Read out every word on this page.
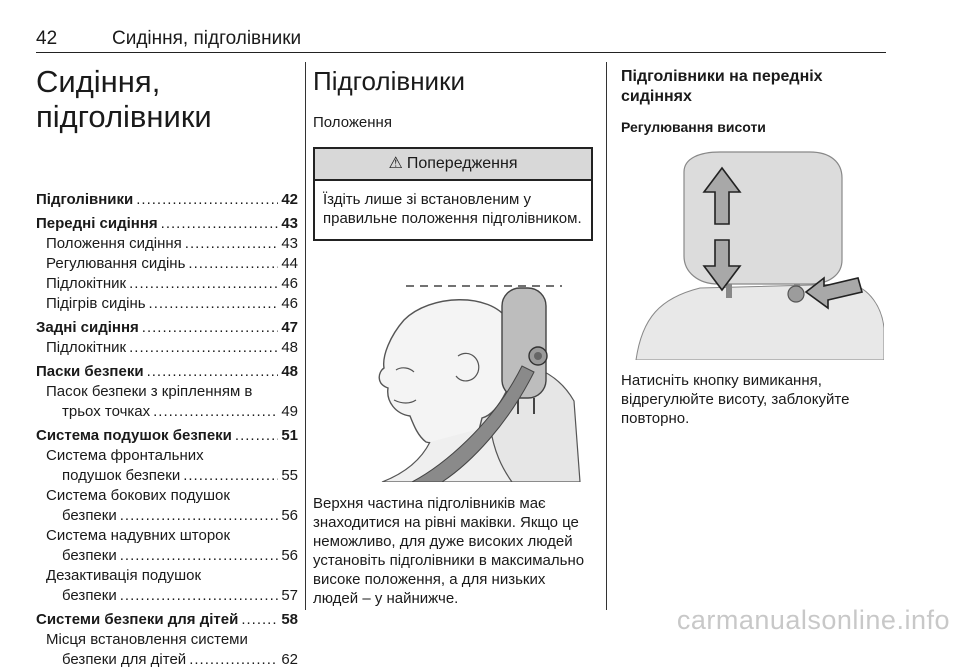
42	Сидіння, підголівники
Сидіння,
підголівники
Підголівники .....	42
Передні сидіння .....	43
Положення сидіння .....	43
Регулювання сидінь .....	44
Підлокітник .....	46
Підігрів сидінь .....	46
Задні сидіння .....	47
Підлокітник .....	48
Паски безпеки .....	48
Пасок безпеки з кріпленням в
трьох точках .....	49
Система подушок безпеки .....	51
Система фронтальних
подушок безпеки .....	55
Система бокових подушок
безпеки .....	56
Система надувних шторок
безпеки .....	56
Дезактивація подушок
безпеки .....	57
Системи безпеки для дітей .....	58
Місця встановлення системи
безпеки для дітей .....	62
Підголівники
Положення
⚠ Попередження
Їздіть лише зі встановленим у правильне положення підголівником.
Верхня частина підголівників має знаходитися на рівні маківки. Якщо це неможливо, для дуже високих людей установіть підголівники в максимально високе положення, а для низьких людей – у найнижче.
Підголівники на передніх сидіннях
Регулювання висоти
Натисніть кнопку вимикання, відрегулюйте висоту, заблокуйте повторно.
carmanualsonline.info
